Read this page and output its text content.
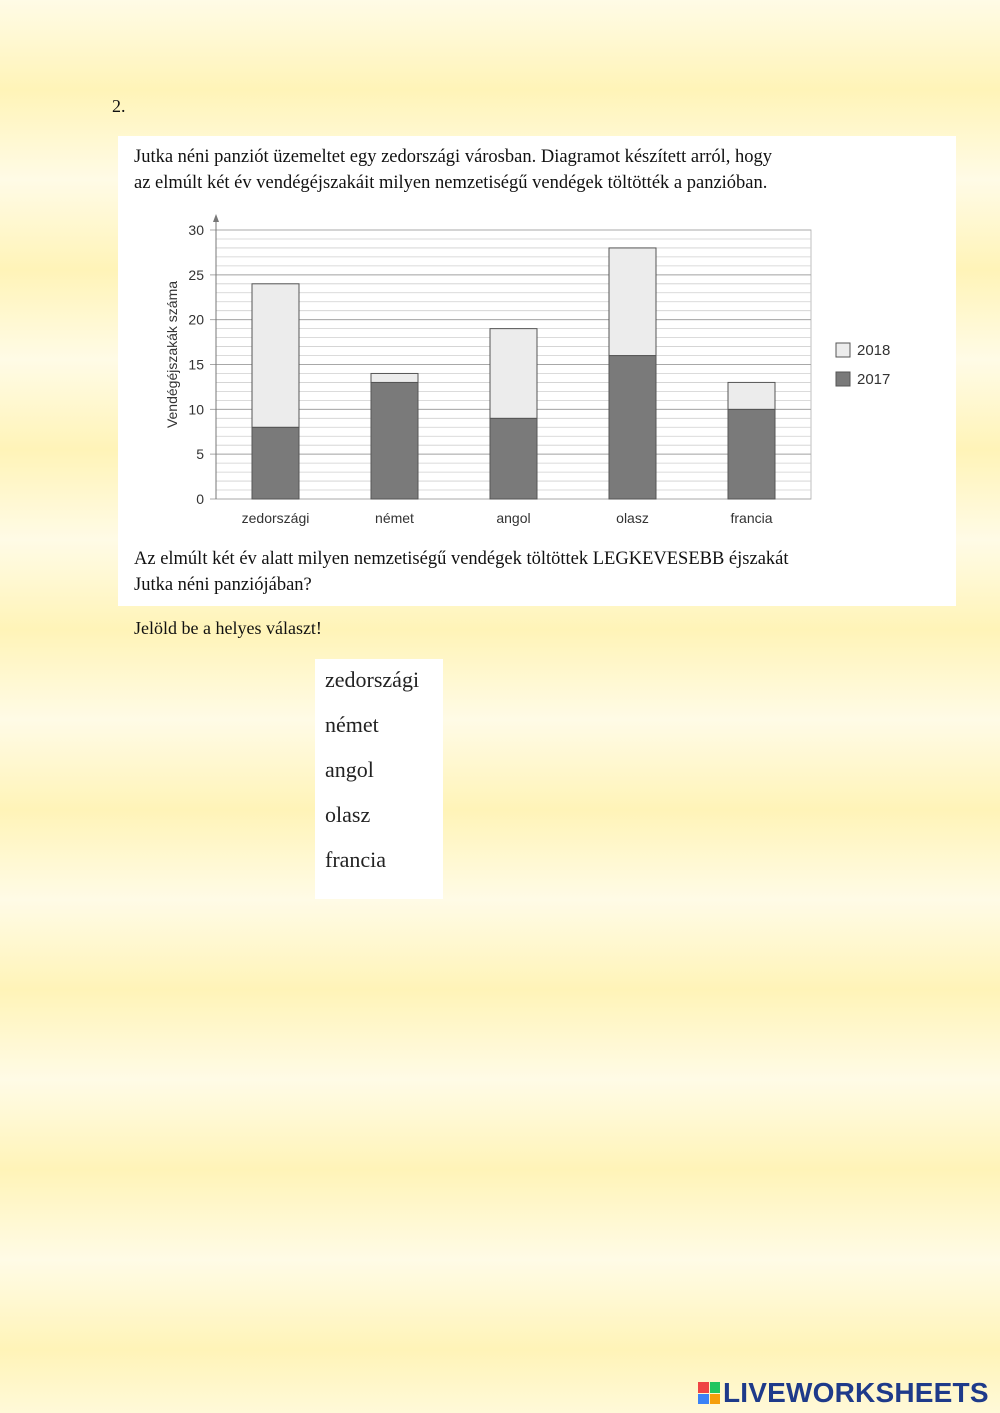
2.

Jutka néni panziót üzemeltet egy zedországi városban. Diagramot készített arról, hogy
az elmúlt két év vendégéjszakáit milyen nemzetiségű vendégek töltötték a panzióban.

0
5
10
15
20
25
30
Vendégéjszakák száma
zedországi	német	angol	olasz	francia
2018
2017

Az elmúlt két év alatt milyen nemzetiségű vendégek töltöttek LEGKEVESEBB éjszakát
Jutka néni panziójában?

Jelöld be a helyes választ!
zedországi
német
angol
olasz
francia
LIVEWORKSHEETS
